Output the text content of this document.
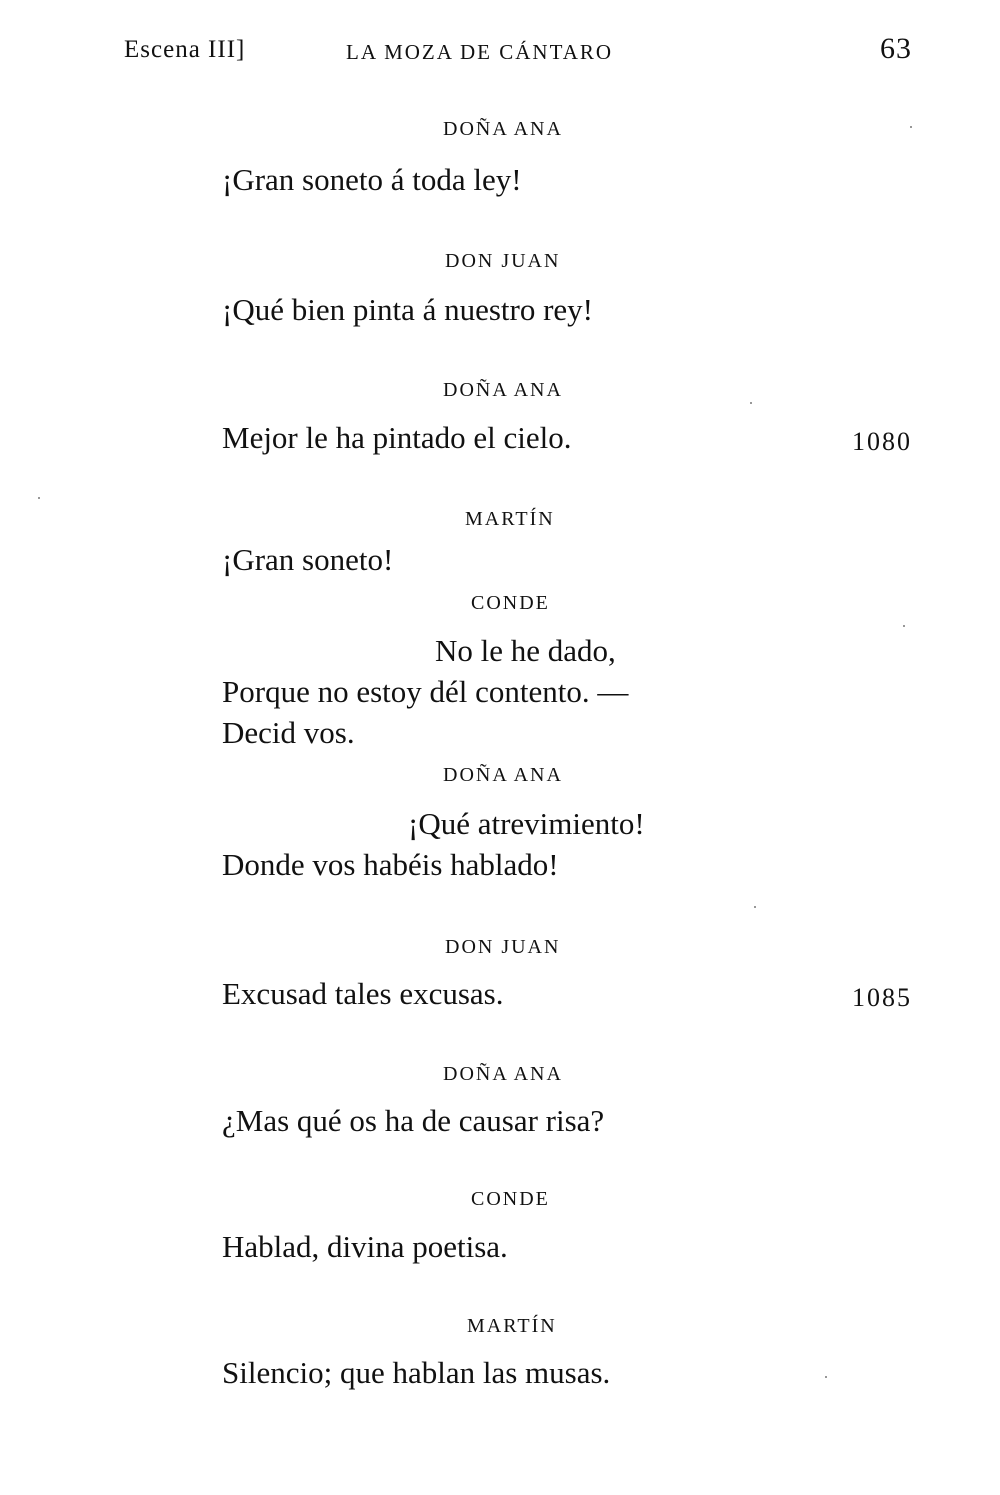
Escena III]	LA MOZA DE CÁNTARO	63
DOÑA ANA
¡Gran soneto á toda ley!
DON JUAN
¡Qué bien pinta á nuestro rey!
DOÑA ANA
Mejor le ha pintado el cielo.	1080
MARTÍN
¡Gran soneto!
CONDE
No le he dado,
Porque no estoy dél contento. —
Decid vos.
DOÑA ANA
¡Qué atrevimiento!
Donde vos habéis hablado!
DON JUAN
Excusad tales excusas.	1085
DOÑA ANA
¿Mas qué os ha de causar risa?
CONDE
Hablad, divina poetisa.
MARTÍN
Silencio; que hablan las musas.
